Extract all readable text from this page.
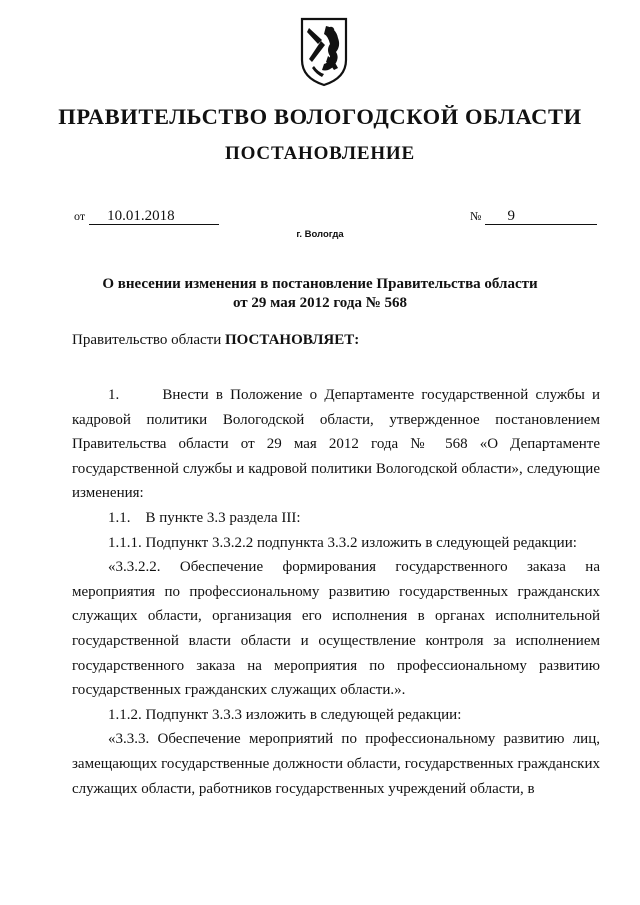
ПРАВИТЕЛЬСТВО ВОЛОГОДСКОЙ ОБЛАСТИ
ПОСТАНОВЛЕНИЕ
от 10.01.2018	№ 9
г. Вологда
О внесении изменения в постановление Правительства области
от 29 мая 2012 года № 568
Правительство области ПОСТАНОВЛЯЕТ:

1.      Внести в Положение о Департаменте государственной службы и кадровой политики Вологодской области, утвержденное постановлением Правительства области от 29 мая 2012 года № 568 «О Департаменте государственной службы и кадровой политики Вологодской области», следующие изменения:

1.1.    В пункте 3.3 раздела III:

1.1.1. Подпункт 3.3.2.2 подпункта 3.3.2 изложить в следующей редакции:

«3.3.2.2. Обеспечение формирования государственного заказа на мероприятия по профессиональному развитию государственных гражданских служащих области, организация его исполнения в органах исполнительной государственной власти области и осуществление контроля за исполнением государственного заказа на мероприятия по профессиональному развитию государственных гражданских служащих области.».

1.1.2. Подпункт 3.3.3 изложить в следующей редакции:

«3.3.3. Обеспечение мероприятий по профессиональному развитию лиц, замещающих государственные должности области, государственных гражданских служащих области, работников государственных учреждений области, в
